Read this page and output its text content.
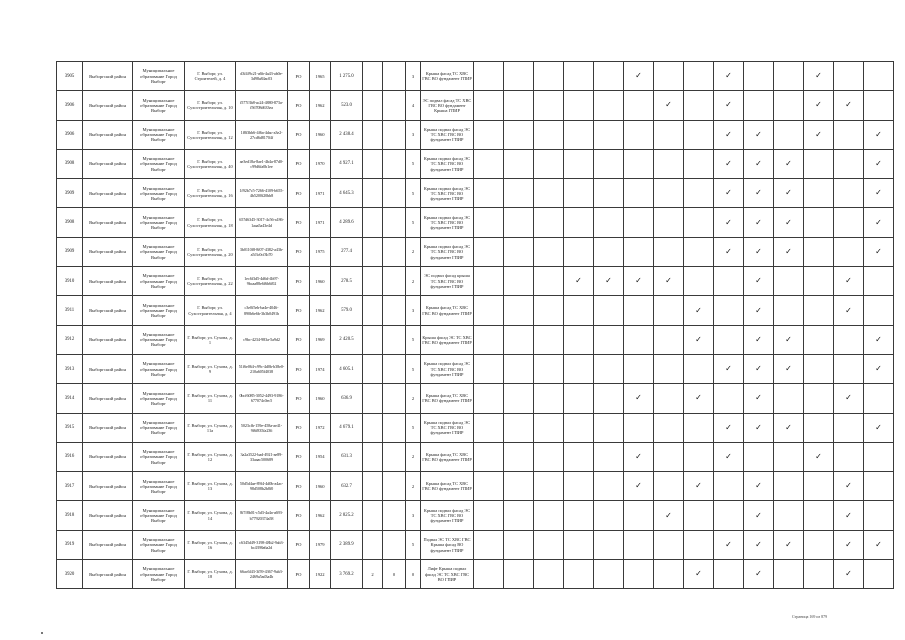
3905	Выборгский район	Муниципальное образование Город Выборг	Г. Выборг, ул. Строителей, д. 4	d3f4f9c21-a6b-4a43-ab0e-3d98a84ac03	РО	1965	1 275.0			3	Крыша фасад ТС ХВС ГВС ВО фундамент ГПИР						✓			✓			✓		
3906	Выборгский район	Муниципальное образование Город Выборг	Г. Выборг, ул. Сухостроительная, д. 10	f577f3b8-ac24-4880-873a-f56708d633ea	РО	1962	523.0			4	ЭС подвал фасад ТС ХВС ГВС ВО фундамент Крыша ГПИР							✓		✓			✓	✓	
3906	Выборгский район	Муниципальное образование Город Выборг	Г. Выборг, ул. Сухостроительная, д. 12	1f8f3bb6-4f6a-4dac-a3e2-27cd6d81704f	РО	1960	2 438.4			3	Крыша подвал фасад ЭС ТС ХВС ГВС ВО фундамент ГПИР									✓	✓		✓		✓
3908	Выборгский район	Муниципальное образование Город Выборг	Г. Выборг, ул. Сухостроительная, д. 40	ae3ed18a-8ae1-4b4a-87d0-c99d6fa0b1ee	РО	1970	4 927.1			5	Крыша подвал фасад ЭС ТС ХВС ГВС ВО фундамент ГПИР									✓	✓	✓			✓
3909	Выборгский район	Муниципальное образование Город Выборг	Г. Выборг, ул. Сухостроительная, д. 16	1f92b7c5-7266-4109-b655-4b5200f20bb8	РО	1971	4 645.3			5	Крыша подвал фасад ЭС ТС ХВС ГВС ВО фундамент ГПИР									✓	✓	✓			✓
3908	Выборгский район	Муниципальное образование Город Выборг	Г. Выборг, ул. Сухостроительная, д. 18	657d6345-3017-4c56-a186-1aaa5a43e4d	РО	1971	4 289.6			5	Крыша подвал фасад ЭС ТС ХВС ГВС ВО фундамент ГПИР									✓	✓	✓			✓
3909	Выборгский район	Муниципальное образование Город Выборг	Г. Выборг, ул. Сухостроительная, д. 20	3b0110f8-8f07-4382-a43b-a5f3c0cf3b70	РО	1975	277.4			2	Крыша подвал фасад ЭС ТС ХВС ГВС ВО фундамент ГПИР									✓	✓	✓			✓
3910	Выборгский район	Муниципальное образование Город Выборг	Г. Выборг, ул. Сухостроительная, д. 22	1ec6f3d5-4d6d-4b97-9bcaa88e6f6b6f02	РО	1960	278.5			2	ЭС подвал фасад крыша ТС ХВС ГВС ВО фундамент ГПИР				✓	✓	✓	✓			✓			✓	
3911	Выборгский район	Муниципальное образование Город Выборг	Г. Выборг, ул. Сухостроительная, д. 4	c3e0f5eb-ba4e-4046-890b6e6b-3b3b0491b	РО	1962	579.0			3	Крыша фасад ТС ХВС ГВС ВО фундамент ГПИР								✓		✓			✓	
3912	Выборгский район	Муниципальное образование Город Выборг	Г. Выборг, ул. Сухова, д. 1	c9bc-4234-983a-5a9d2	РО	1969	2 420.5			5	Крыша фасад ЭС ТС ХВС ГВС ВО фундамент ГПИР								✓		✓	✓			✓
3913	Выборгский район	Муниципальное образование Город Выборг	Г. Выборг, ул. Сухова, д. 9	51f6e064-c99c-4d0b-b38e0-210a605f4038	РО	1974	4 605.1			5	Крыша подвал фасад ЭС ТС ХВС ГВС ВО фундамент ГПИР									✓	✓	✓			✓
3914	Выборгский район	Муниципальное образование Город Выборг	Г. Выборг, ул. Сухова, д. 11	0bcf6085-3052-4493-9186-677074c0ec5	РО	1960	636.9			2	Крыша фасад ТС ХВС ГВС ВО фундамент ГПИР						✓		✓		✓			✓	
3915	Выборгский район	Муниципальное образование Город Выборг	Г. Выборг, ул. Сухова, д. 11а	5023cfb-159e-458a-ae41-9f6f835fa236	РО	1972	4 679.1			5	Крыша подвал фасад ЭС ТС ХВС ГВС ВО фундамент ГПИР									✓	✓	✓			✓
3916	Выборгский район	Муниципальное образование Город Выборг	Г. Выборг, ул. Сухова, д. 12	3a2a3522-bad-4921-ae89-33aaac500689	РО	1954	631.3			2	Крыша фасад ТС ХВС ГВС ВО фундамент ГПИР						✓			✓			✓		
3917	Выборгский район	Муниципальное образование Город Выборг	Г. Выборг, ул. Сухова, д. 13	50d5d4ae-89f4-4d0b-a4ac-98d508b2b8f0	РО	1960	632.7			2	Крыша фасад ТС ХВС ГВС ВО фундамент ГПИР						✓		✓		✓			✓	
3918	Выборгский район	Муниципальное образование Город Выборг	Г. Выборг, ул. Сухова, д. 14	8f7f8b01-c5d3-4a4a-a693-b77920374a58	РО	1962	2 825.2			3	Крыша подвал фасад ЭС ТС ХВС ГВС ВО фундамент ГПИР							✓			✓			✓	
3919	Выборгский район	Муниципальное образование Город Выборг	Г. Выборг, ул. Сухова, д. 16	c6345d49-3198-48b2-9ab3-bc4398a6a2d	РО	1979	2 389.9			5	Подвал ЭС ТС ХВС ГВС Крыша фасад ВО фундамент ГПИР									✓	✓	✓		✓	✓
3920	Выборгский район	Муниципальное образование Город Выборг	Г. Выборг, ул. Сухова, д. 18	66ac6f43-3f59-4367-9ab3-2469a5ad3a4b	РО	1922	3 769.2	2	0	0	Лифт Крыша подвал фасад ЭС ТС ХВС ГВС ВО ГПИР								✓		✓			✓	
Страница 169 из 879
